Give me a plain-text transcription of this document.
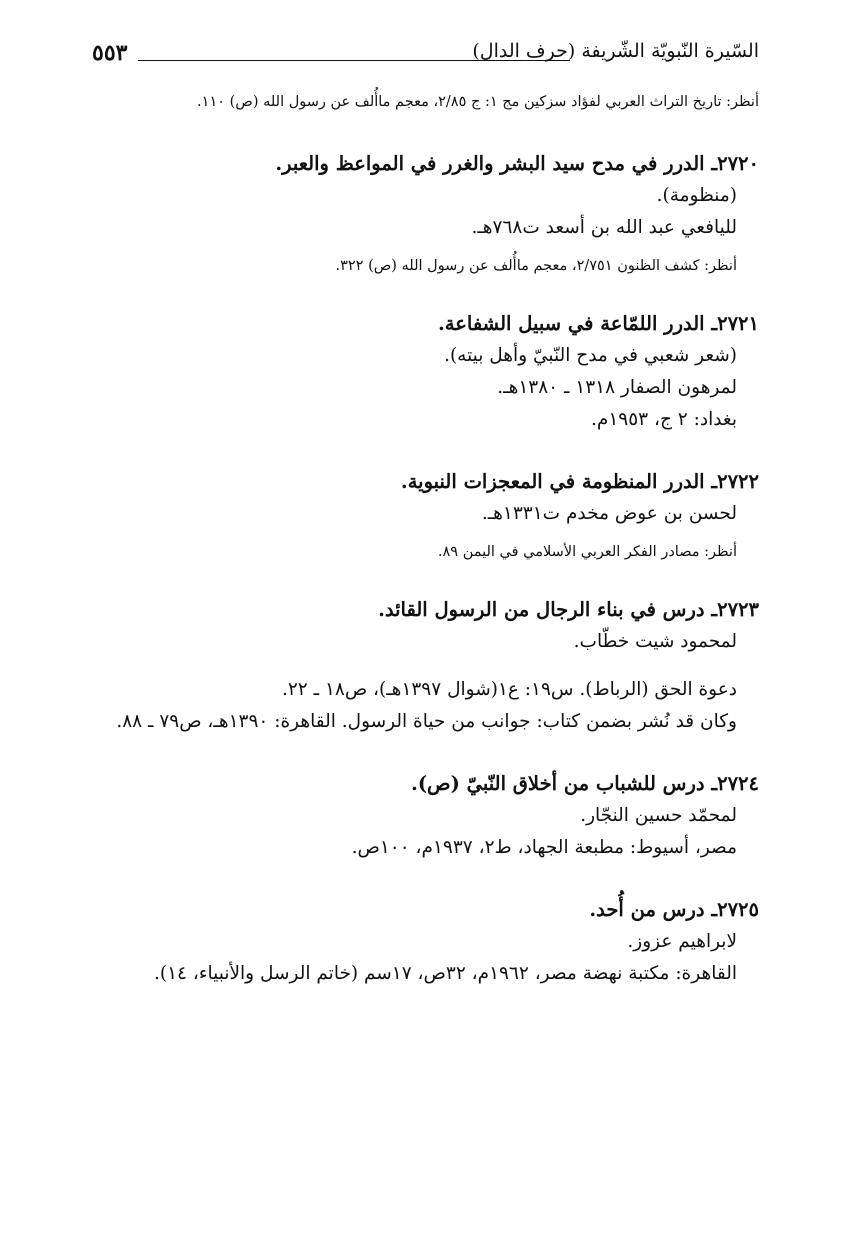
٥٥٣	السّيرة النّبويّة الشّريفة (حرف الدال)

أنظر: تاريخ التراث العربي لفؤاد سزكين مج ١: ج ٢/٨٥، معجم ماأُلف عن رسول الله (ص) ١١٠.

٢٧٢٠ـ الدرر في مدح سيد البشر والغرر في المواعظ والعبر.

(منظومة).

لليافعي عبد الله بن أسعد ت٧٦٨هـ.

أنظر: كشف الظنون ٢/٧٥١، معجم ماأُلف عن رسول الله (ص) ٣٢٢.

٢٧٢١ـ الدرر اللمّاعة في سبيل الشفاعة.

(شعر شعبي في مدح النّبيّ وأهل بيته).

لمرهون الصفار ١٣١٨ ـ ١٣٨٠هـ.

بغداد: ٢ ج، ١٩٥٣م.

٢٧٢٢ـ الدرر المنظومة في المعجزات النبوية.

لحسن بن عوض مخدم ت١٣٣١هـ.

أنظر: مصادر الفكر العربي الأسلامي في اليمن ٨٩.

٢٧٢٣ـ درس في بناء الرجال من الرسول القائد.

لمحمود شيت خطّاب.

دعوة الحق (الرباط). س١٩: ع١(شوال ١٣٩٧هـ)، ص١٨ ـ ٢٢.

وكان قد نُشر بضمن كتاب: جوانب من حياة الرسول. القاهرة: ١٣٩٠هـ، ص٧٩ ـ ٨٨.

٢٧٢٤ـ درس للشباب من أخلاق النّبيّ (ص).

لمحمّد حسين النجّار.

مصر، أسيوط: مطبعة الجهاد، ط٢، ١٩٣٧م، ١٠٠ص.

٢٧٢٥ـ درس من أُحد.

لابراهيم عزوز.

القاهرة: مكتبة نهضة مصر، ١٩٦٢م، ٣٢ص، ١٧سم (خاتم الرسل والأنبياء، ١٤).
